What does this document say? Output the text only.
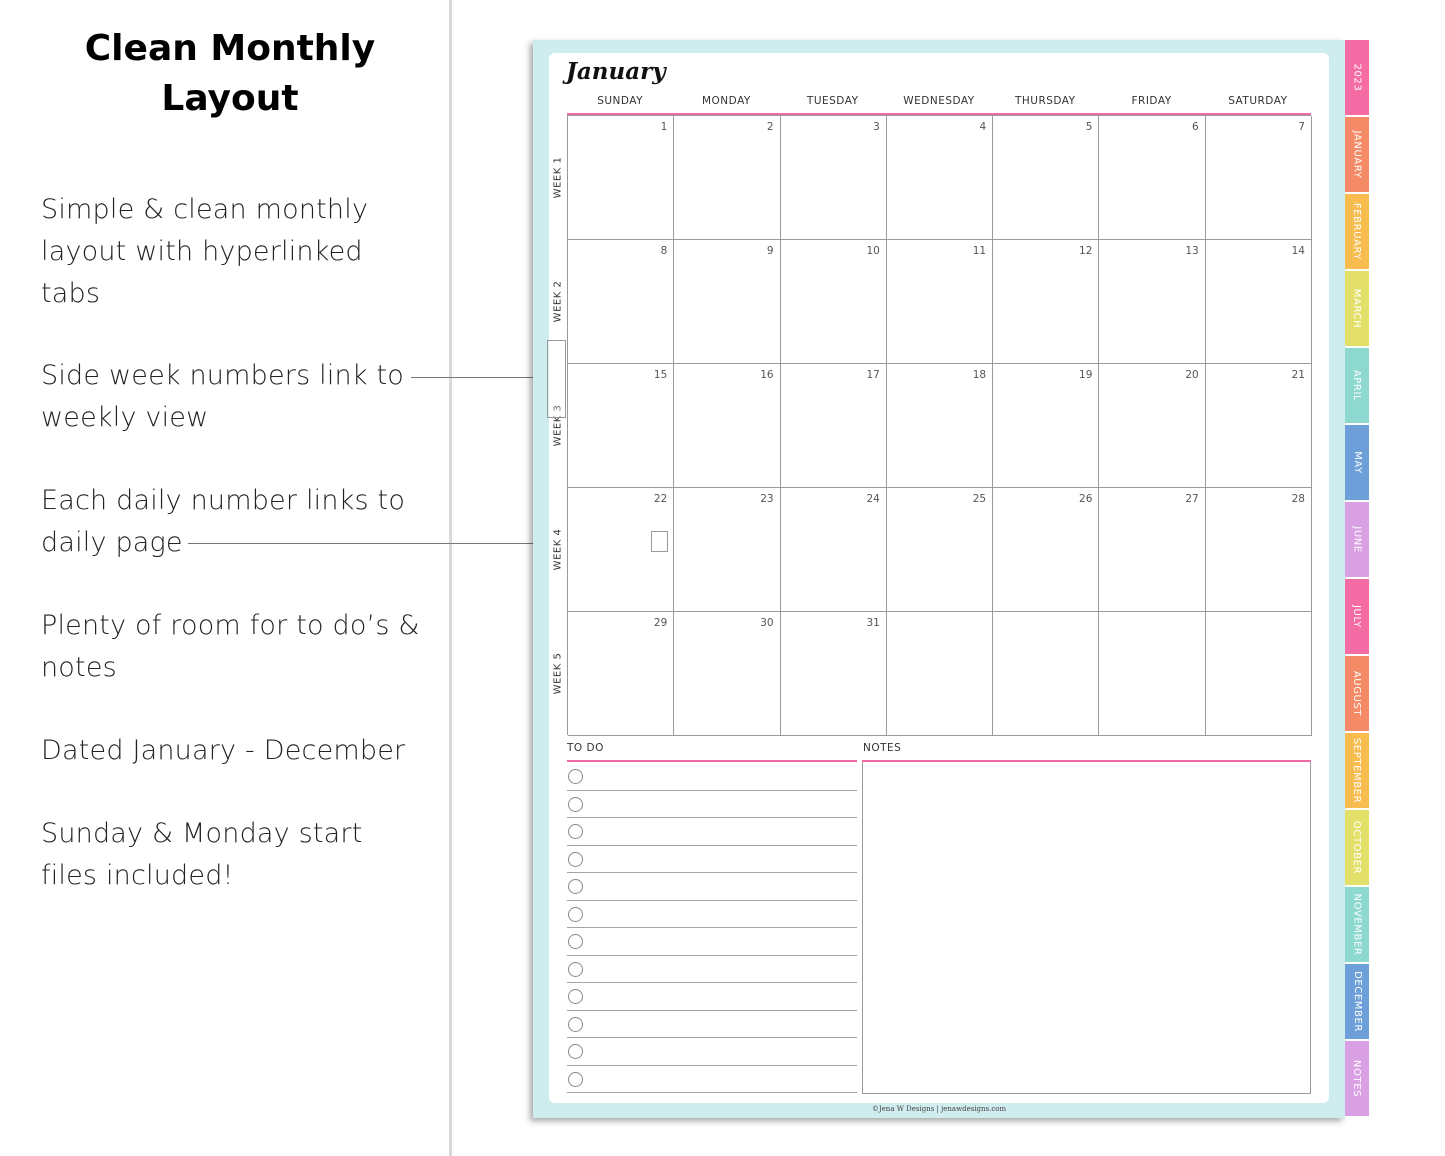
Clean Monthly
Layout
Simple & clean monthly layout with hyperlinked tabs
Side week numbers link to weekly view
Each daily number links to daily page
Plenty of room for to do’s & notes
Dated January - December
Sunday & Monday start files included!
January
SUNDAY	MONDAY	TUESDAY	WEDNESDAY	THURSDAY	FRIDAY	SATURDAY
1	2	3	4	5	6	7
8	9	10	11	12	13	14
15	16	17	18	19	20	21
22	23	24	25	26	27	28
29	30	31
WEEK 1
WEEK 2
WEEK 3
WEEK 4
WEEK 5
TO DO	NOTES
©Jena W Designs | jenawdesigns.com
2023
JANUARY
FEBRUARY
MARCH
APRIL
MAY
JUNE
JULY
AUGUST
SEPTEMBER
OCTOBER
NOVEMBER
DECEMBER
NOTES
